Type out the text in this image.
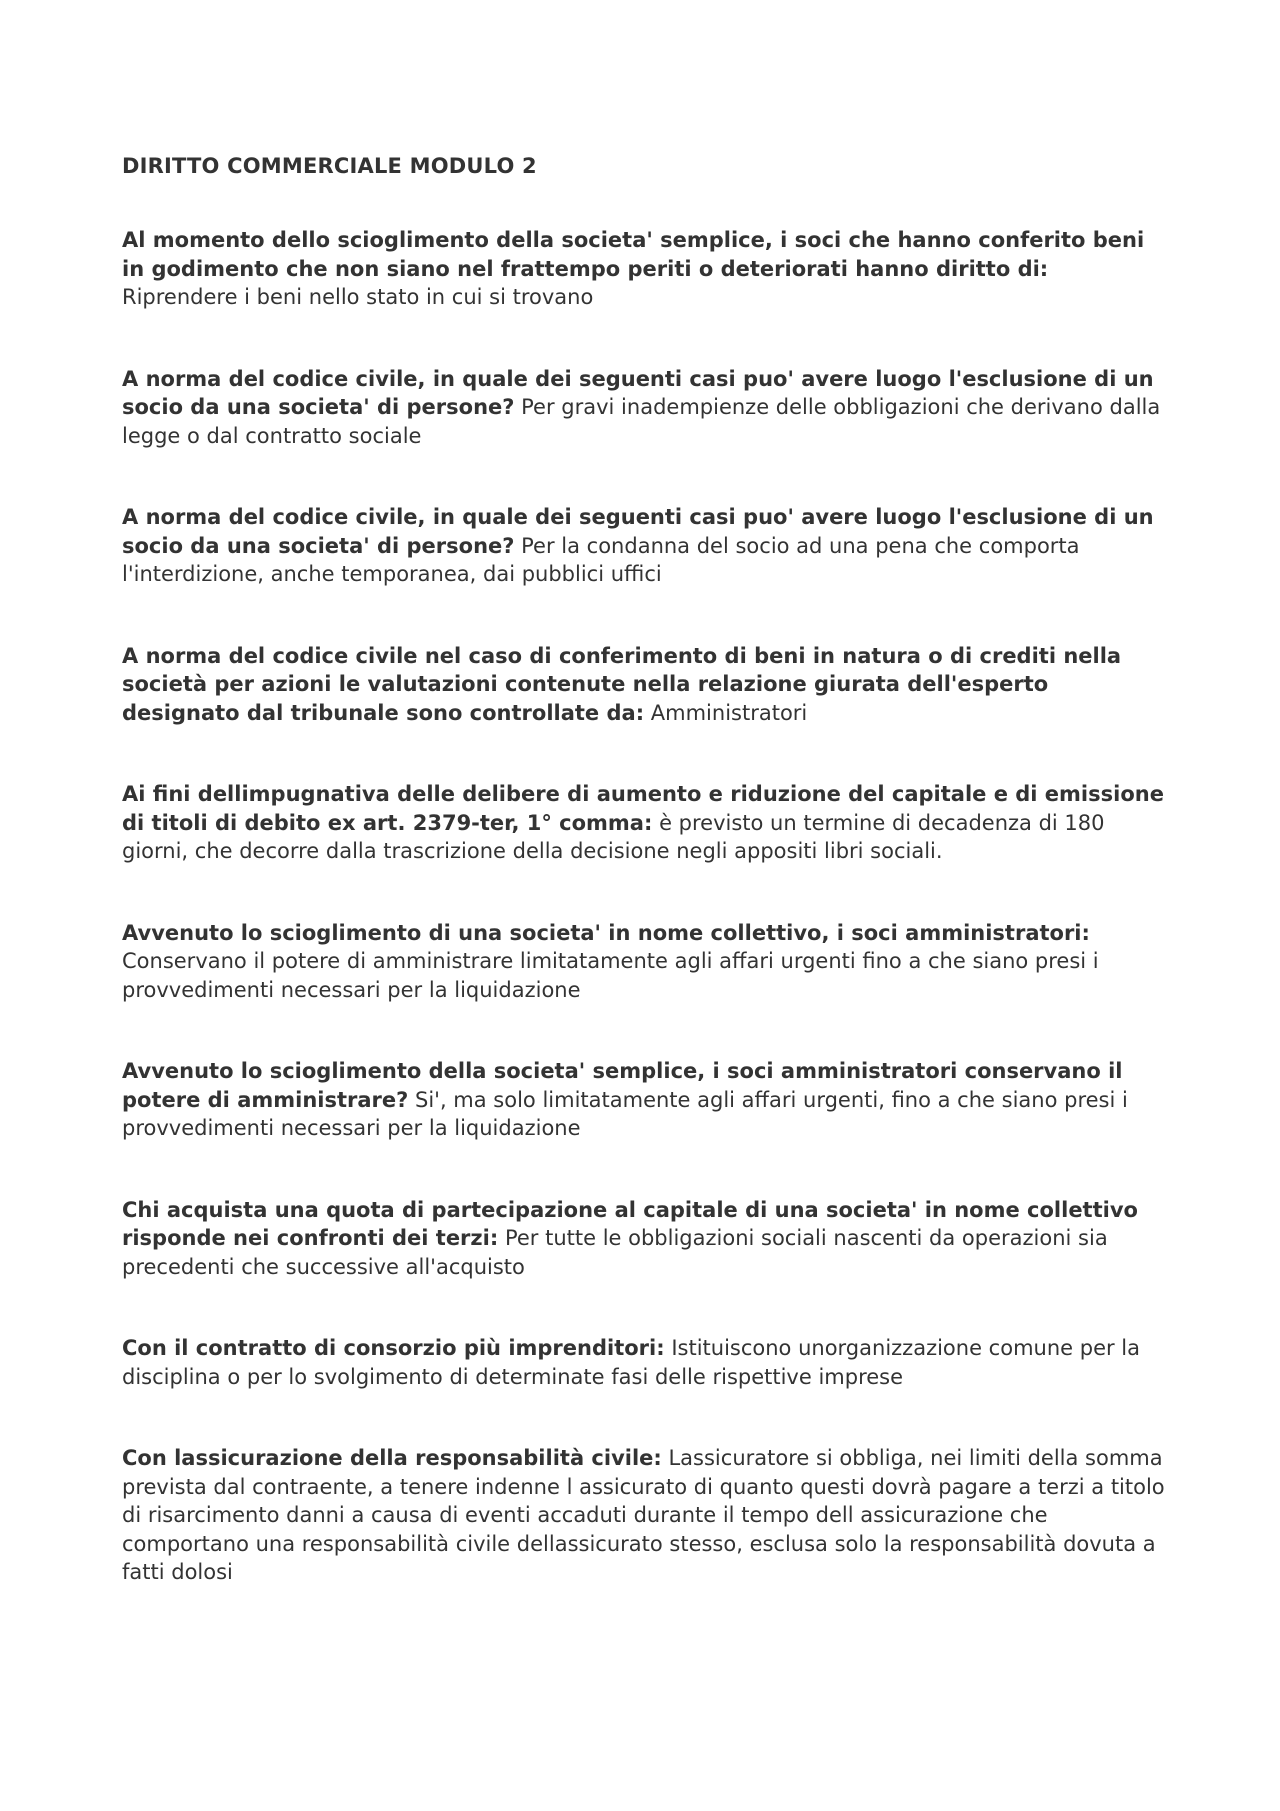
DIRITTO COMMERCIALE MODULO 2

Al momento dello scioglimento della societa' semplice, i soci che hanno conferito beni in godimento che non siano nel frattempo periti o deteriorati hanno diritto di: Riprendere i beni nello stato in cui si trovano

A norma del codice civile, in quale dei seguenti casi puo' avere luogo l'esclusione di un socio da una societa' di persone? Per gravi inadempienze delle obbligazioni che derivano dalla legge o dal contratto sociale

A norma del codice civile, in quale dei seguenti casi puo' avere luogo l'esclusione di un socio da una societa' di persone? Per la condanna del socio ad una pena che comporta l'interdizione, anche temporanea, dai pubblici uffici

A norma del codice civile nel caso di conferimento di beni in natura o di crediti nella società per azioni le valutazioni contenute nella relazione giurata dell'esperto designato dal tribunale sono controllate da: Amministratori

Ai fini dellimpugnativa delle delibere di aumento e riduzione del capitale e di emissione di titoli di debito ex art. 2379-ter, 1° comma: è previsto un termine di decadenza di 180 giorni, che decorre dalla trascrizione della decisione negli appositi libri sociali.

Avvenuto lo scioglimento di una societa' in nome collettivo, i soci amministratori: Conservano il potere di amministrare limitatamente agli affari urgenti fino a che siano presi i provvedimenti necessari per la liquidazione

Avvenuto lo scioglimento della societa' semplice, i soci amministratori conservano il potere di amministrare? Si', ma solo limitatamente agli affari urgenti, fino a che siano presi i provvedimenti necessari per la liquidazione

Chi acquista una quota di partecipazione al capitale di una societa' in nome collettivo risponde nei confronti dei terzi: Per tutte le obbligazioni sociali nascenti da operazioni sia precedenti che successive all'acquisto

Con il contratto di consorzio più imprenditori: Istituiscono unorganizzazione comune per la disciplina o per lo svolgimento di determinate fasi delle rispettive imprese

Con lassicurazione della responsabilità civile: Lassicuratore si obbliga, nei limiti della somma prevista dal contraente, a tenere indenne l assicurato di quanto questi dovrà pagare a terzi a titolo di risarcimento danni a causa di eventi accaduti durante il tempo dell assicurazione che comportano una responsabilità civile dellassicurato stesso, esclusa solo la responsabilità dovuta a fatti dolosi
